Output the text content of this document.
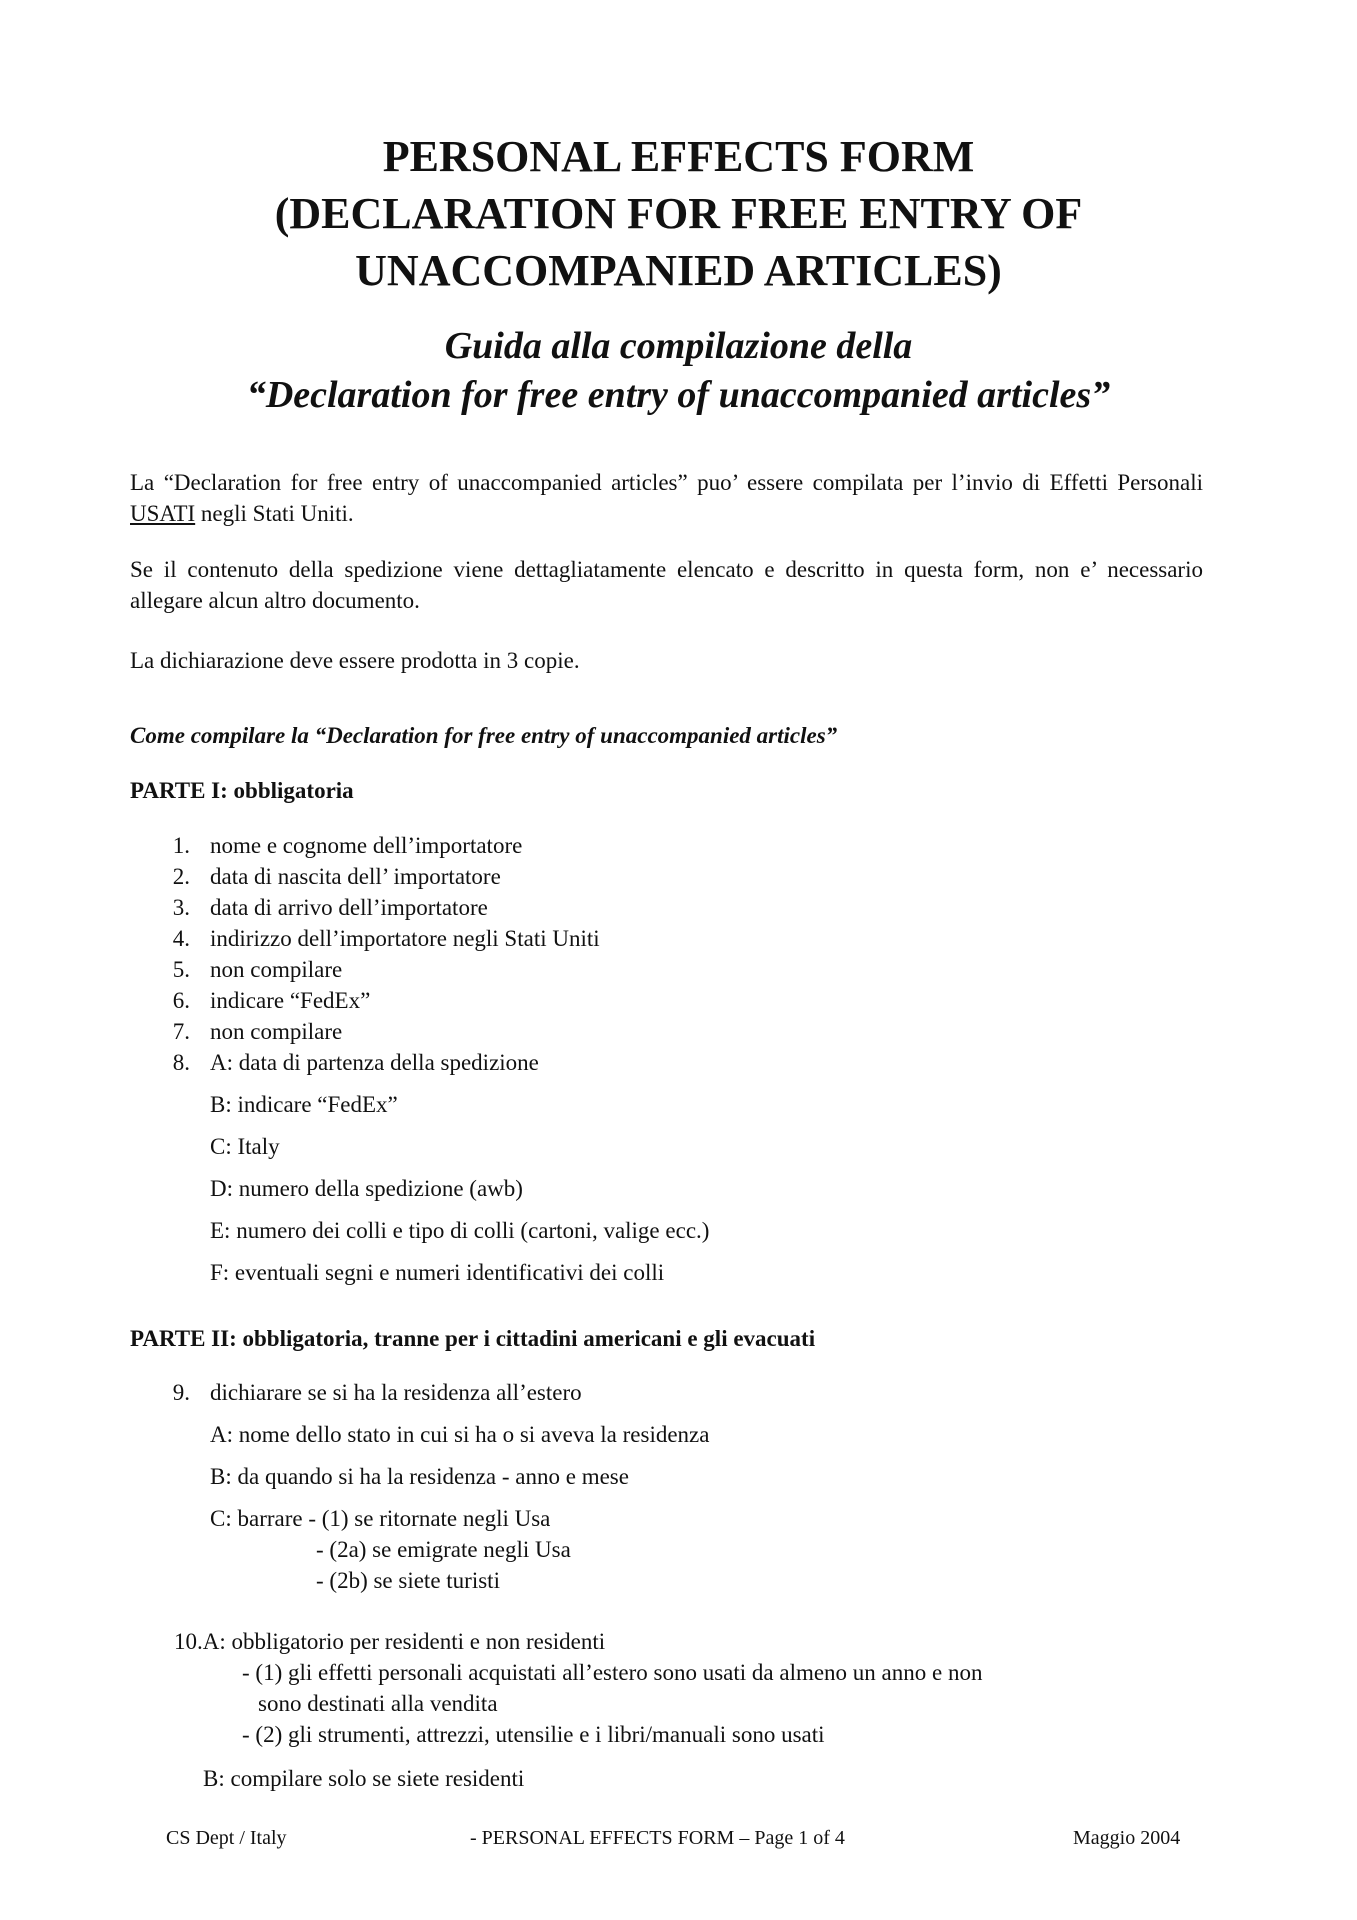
PERSONAL EFFECTS FORM
(DECLARATION FOR FREE ENTRY OF
UNACCOMPANIED ARTICLES)
Guida alla compilazione della
“Declaration for free entry of unaccompanied articles”
La “Declaration for free entry of unaccompanied articles” puo’ essere compilata per l’invio di Effetti Personali USATI negli Stati Uniti.
Se il contenuto della spedizione viene dettagliatamente elencato e descritto in questa form, non e’ necessario allegare alcun altro documento.
La dichiarazione deve essere prodotta in 3 copie.
Come compilare la “Declaration for free entry of unaccompanied articles”
PARTE I: obbligatoria
1. nome e cognome dell’importatore
2. data di nascita dell’ importatore
3. data di arrivo dell’importatore
4. indirizzo dell’importatore negli Stati Uniti
5. non compilare
6. indicare “FedEx”
7. non compilare
8. A: data di partenza della spedizione
B: indicare “FedEx”
C: Italy
D: numero della spedizione (awb)
E: numero dei colli e tipo di colli (cartoni, valige ecc.)
F: eventuali segni e numeri identificativi dei colli
PARTE II: obbligatoria, tranne per i cittadini americani e gli evacuati
9. dichiarare se si ha la residenza all’estero
A: nome dello stato in cui si ha o si aveva la residenza
B: da quando si ha la residenza - anno e mese
C: barrare - (1) se ritornate negli Usa
- (2a) se emigrate negli Usa
- (2b) se siete turisti
10.A: obbligatorio per residenti e non residenti
- (1) gli effetti personali acquistati all’estero sono usati da almeno un anno e non
sono destinati alla vendita
- (2) gli strumenti, attrezzi, utensilie e i libri/manuali sono usati
B: compilare solo se siete residenti
CS Dept / Italy	- PERSONAL EFFECTS FORM – Page 1 of 4	Maggio 2004
